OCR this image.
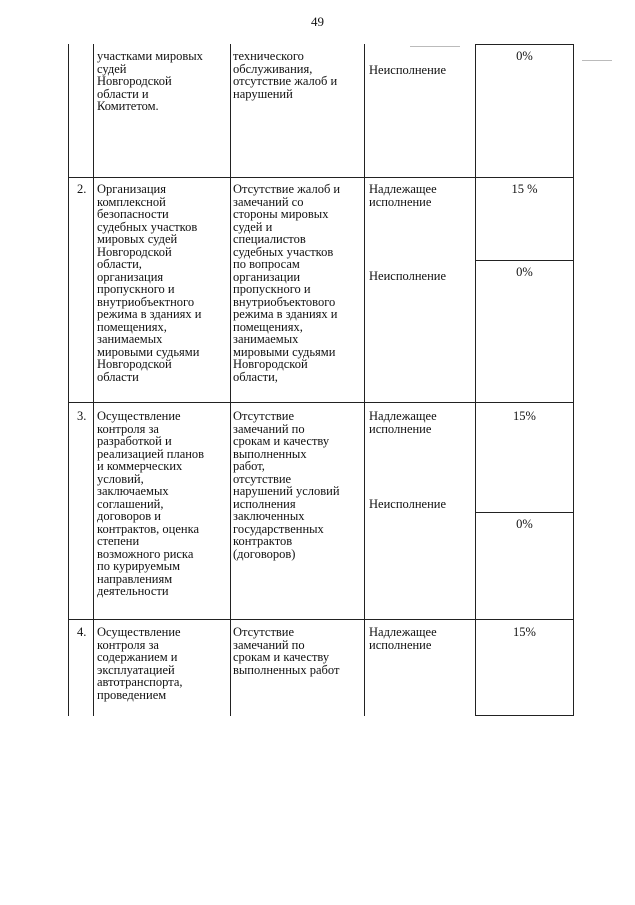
49
участками мировых
судей
Новгородской
области и
Комитетом.
технического
обслуживания,
отсутствие жалоб и
нарушений
Неисполнение
0%
2. Организация
комплексной
безопасности
судебных участков
мировых судей
Новгородской
области,
организация
пропускного и
внутриобъектного
режима в зданиях и
помещениях,
занимаемых
мировыми судьями
Новгородской
области
Отсутствие жалоб и
замечаний со
стороны мировых
судей и
специалистов
судебных участков
по вопросам
организации
пропускного и
внутриобъектового
режима в зданиях и
помещениях,
занимаемых
мировыми судьями
Новгородской
области,
Надлежащее
исполнение
Неисполнение
15 %
0%
3. Осуществление
контроля за
разработкой и
реализацией планов
и коммерческих
условий,
заключаемых
соглашений,
договоров и
контрактов, оценка
степени
возможного риска
по курируемым
направлениям
деятельности
Отсутствие
замечаний по
срокам и качеству
выполненных
работ,
отсутствие
нарушений условий
исполнения
заключенных
государственных
контрактов
(договоров)
Надлежащее
исполнение
Неисполнение
15%
0%
4. Осуществление
контроля за
содержанием и
эксплуатацией
автотранспорта,
проведением
Отсутствие
замечаний по
срокам и качеству
выполненных работ
Надлежащее
исполнение
15%
